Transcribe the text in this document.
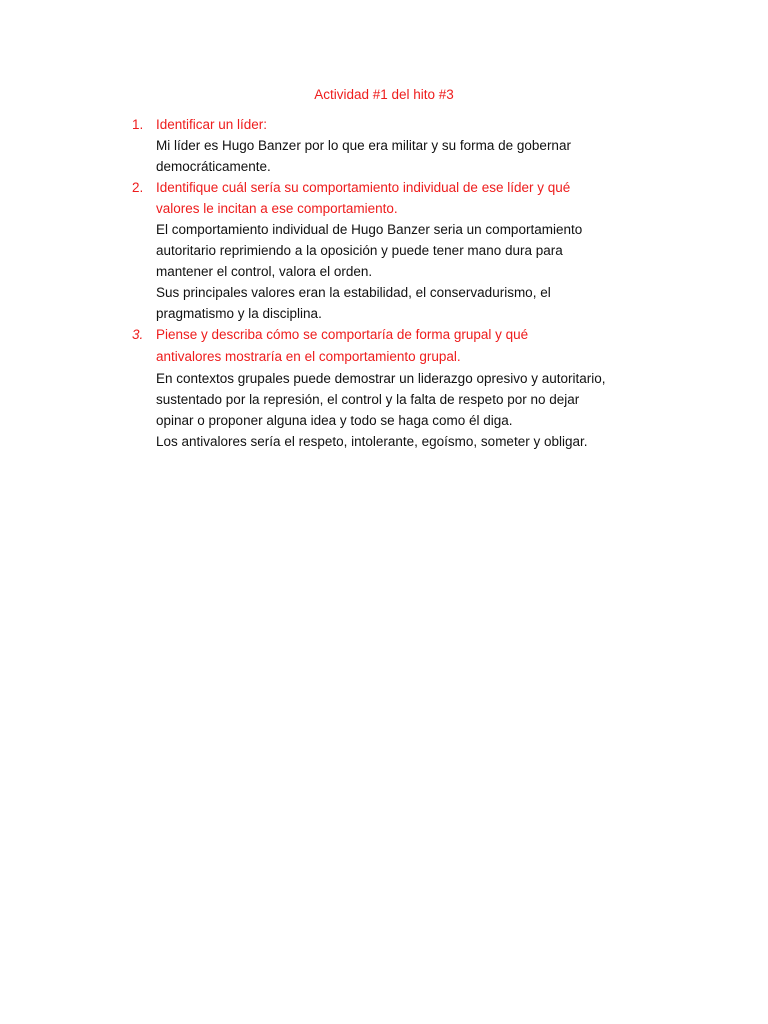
Actividad #1 del hito #3
1. Identificar un líder:
Mi líder es Hugo Banzer por lo que era militar y su forma de gobernar
democráticamente.
2. Identifique cuál sería su comportamiento individual de ese líder y qué
valores le incitan a ese comportamiento.
El comportamiento individual de Hugo Banzer seria un comportamiento
autoritario reprimiendo a la oposición y puede tener mano dura para
mantener el control, valora el orden.
Sus principales valores eran la estabilidad, el conservadurismo, el
pragmatismo y la disciplina.
3. Piense y describa cómo se comportaría de forma grupal y qué
antivalores mostraría en el comportamiento grupal.
En contextos grupales puede demostrar un liderazgo opresivo y autoritario,
sustentado por la represión, el control y la falta de respeto por no dejar
opinar o proponer alguna idea y todo se haga como él diga.
Los antivalores sería el respeto, intolerante, egoísmo, someter y obligar.
